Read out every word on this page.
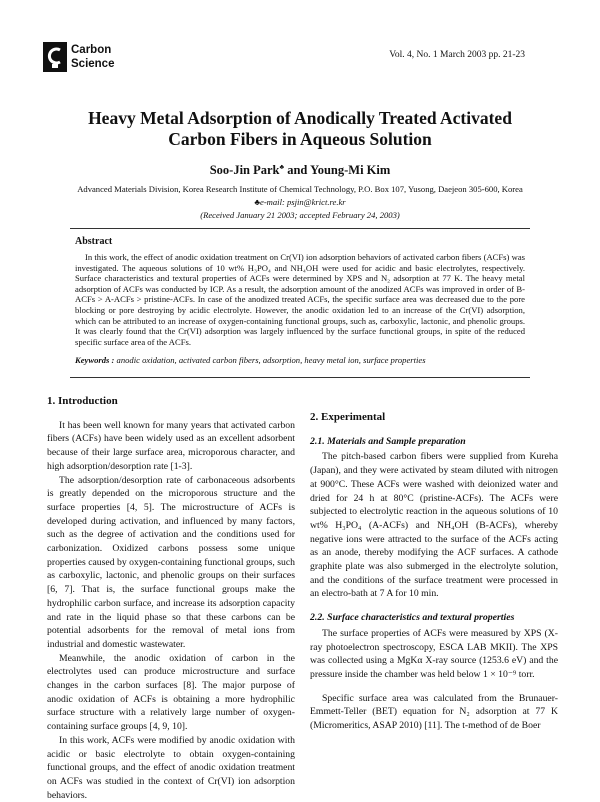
Carbon
Science
Vol. 4, No. 1 March 2003 pp. 21-23
Heavy Metal Adsorption of Anodically Treated Activated
Carbon Fibers in Aqueous Solution
Soo-Jin Park♣ and Young-Mi Kim
Advanced Materials Division, Korea Research Institute of Chemical Technology, P.O. Box 107, Yusong, Daejeon 305-600, Korea
♣e-mail: psjin@krict.re.kr
(Received January 21 2003; accepted February 24, 2003)
Abstract
In this work, the effect of anodic oxidation treatment on Cr(VI) ion adsorption behaviors of activated carbon fibers (ACFs) was investigated. The aqueous solutions of 10 wt% H₃PO₄ and NH₄OH were used for acidic and basic electrolytes, respectively. Surface characteristics and textural properties of ACFs were determined by XPS and N₂ adsorption at 77 K. The heavy metal adsorption of ACFs was conducted by ICP. As a result, the adsorption amount of the anodized ACFs was improved in order of B-ACFs > A-ACFs > pristine-ACFs. In case of the anodized treated ACFs, the specific surface area was decreased due to the pore blocking or pore destroying by acidic electrolyte. However, the anodic oxidation led to an increase of the Cr(VI) adsorption, which can be attributed to an increase of oxygen-containing functional groups, such as, carboxylic, lactonic, and phenolic groups. It was clearly found that the Cr(VI) adsorption was largely influenced by the surface functional groups, in spite of the reduced specific surface area of the ACFs.
Keywords : anodic oxidation, activated carbon fibers, adsorption, heavy metal ion, surface properties
1. Introduction

It has been well known for many years that activated carbon fibers (ACFs) have been widely used as an excellent adsorbent because of their large surface area, microporous character, and high adsorption/desorption rate [1-3].

The adsorption/desorption rate of carbonaceous adsorbents is greatly depended on the microporous structure and the surface properties [4, 5]. The microstructure of ACFs is developed during activation, and influenced by many factors, such as the degree of activation and the conditions used for carbonization. Oxidized carbons possess some unique properties caused by oxygen-containing functional groups, such as carboxylic, lactonic, and phenolic groups on their surfaces [6, 7]. That is, the surface functional groups make the hydrophilic carbon surface, and increase its adsorption capacity and rate in the liquid phase so that these carbons can be potential adsorbents for the removal of metal ions from industrial and domestic wastewater.

Meanwhile, the anodic oxidation of carbon in the electrolytes used can produce microstructure and surface changes in the carbon surfaces [8]. The major purpose of anodic oxidation of ACFs is obtaining a more hydrophilic surface structure with a relatively large number of oxygen-containing surface groups [4, 9, 10].

In this work, ACFs were modified by anodic oxidation with acidic or basic electrolyte to obtain oxygen-containing functional groups, and the effect of anodic oxidation treatment on ACFs was studied in the context of Cr(VI) ion adsorption behaviors.

2. Experimental
2.1. Materials and Sample preparation

The pitch-based carbon fibers were supplied from Kureha (Japan), and they were activated by steam diluted with nitrogen at 900°C. These ACFs were washed with deionized water and dried for 24 h at 80°C (pristine-ACFs). The ACFs were subjected to electrolytic reaction in the aqueous solutions of 10 wt% H₃PO₄ (A-ACFs) and NH₄OH (B-ACFs), whereby negative ions were attracted to the surface of the ACFs acting as an anode, thereby modifying the ACF surfaces. A cathode graphite plate was also submerged in the electrolyte solution, and the conditions of the surface treatment were processed in an electro-bath at 7 A for 10 min.

2.2. Surface characteristics and textural properties

The surface properties of ACFs were measured by XPS (X-ray photoelectron spectroscopy, ESCA LAB MKII). The XPS was collected using a MgKα X-ray source (1253.6 eV) and the pressure inside the chamber was held below 1 × 10⁻⁹ torr.

Specific surface area was calculated from the Brunauer-Emmett-Teller (BET) equation for N₂ adsorption at 77 K (Micromeritics, ASAP 2010) [11]. The t-method of de Boer
